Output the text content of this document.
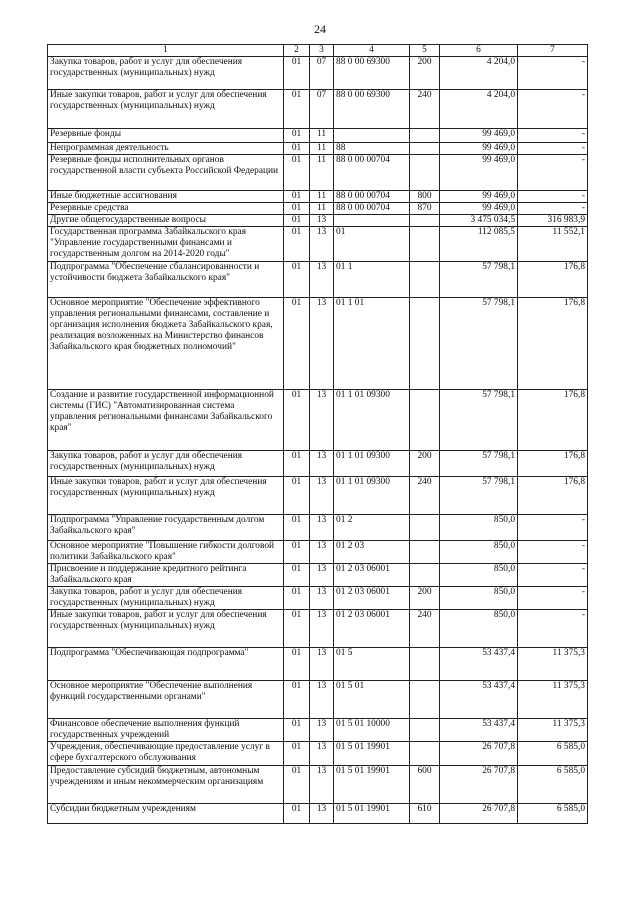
24
1	2	3	4	5	6	7
Закупка товаров, работ и услуг для обеспечения государственных (муниципальных) нужд	01	07	88 0 00 69300	200	4 204,0	-
Иные закупки товаров, работ и услуг для обеспечения государственных (муниципальных) нужд	01	07	88 0 00 69300	240	4 204,0	-
Резервные фонды	01	11			99 469,0	-
Непрограммная деятельность	01	11	88		99 469,0	-
Резервные фонды исполнительных органов государственной власти субъекта Российской Федерации	01	11	88 0 00 00704		99 469,0	-
Иные бюджетные ассигнования	01	11	88 0 00 00704	800	99 469,0	-
Резервные средства	01	11	88 0 00 00704	870	99 469,0	-
Другие общегосударственные вопросы	01	13			3 475 034,5	316 983,9
Государственная программа Забайкальского края "Управление государственными финансами и государственным долгом на 2014-2020 годы"	01	13	01		112 085,5	11 552,1
Подпрограмма "Обеспечение сбалансированности и устойчивости бюджета Забайкальского края"	01	13	01 1		57 798,1	176,8
Основное мероприятие "Обеспечение эффективного управления региональными финансами, составление и организация исполнения бюджета Забайкальского края, реализация возложенных на Министерство финансов Забайкальского края бюджетных полномочий"	01	13	01 1 01		57 798,1	176,8
Создание и развитие государственной информационной системы (ГИС) "Автоматизированная система управления региональными финансами Забайкальского края"	01	13	01 1 01 09300		57 798,1	176,8
Закупка товаров, работ и услуг для обеспечения государственных (муниципальных) нужд	01	13	01 1 01 09300	200	57 798,1	176,8
Иные закупки товаров, работ и услуг для обеспечения государственных (муниципальных) нужд	01	13	01 1 01 09300	240	57 798,1	176,8
Подпрограмма "Управление государственным долгом Забайкальского края"	01	13	01 2		850,0	-
Основное мероприятие "Повышение гибкости долговой политики Забайкальского края"	01	13	01 2 03		850,0	-
Присвоение и поддержание кредитного рейтинга Забайкальского края	01	13	01 2 03 06001		850,0	-
Закупка товаров, работ и услуг для обеспечения государственных (муниципальных) нужд	01	13	01 2 03 06001	200	850,0	-
Иные закупки товаров, работ и услуг для обеспечения государственных (муниципальных) нужд	01	13	01 2 03 06001	240	850,0	-
Подпрограмма "Обеспечивающая подпрограмма"	01	13	01 5		53 437,4	11 375,3
Основное мероприятие "Обеспечение выполнения функций государственными органами"	01	13	01 5 01		53 437,4	11 375,3
Финансовое обеспечение выполнения функций государственных учреждений	01	13	01 5 01 10000		53 437,4	11 375,3
Учреждения, обеспечивающие предоставление услуг в сфере бухгалтерского обслуживания	01	13	01 5 01 19901		26 707,8	6 585,0
Предоставление субсидий бюджетным, автономным учреждениям и иным некоммерческим организациям	01	13	01 5 01 19901	600	26 707,8	6 585,0
Субсидии бюджетным учреждениям	01	13	01 5 01 19901	610	26 707,8	6 585,0
